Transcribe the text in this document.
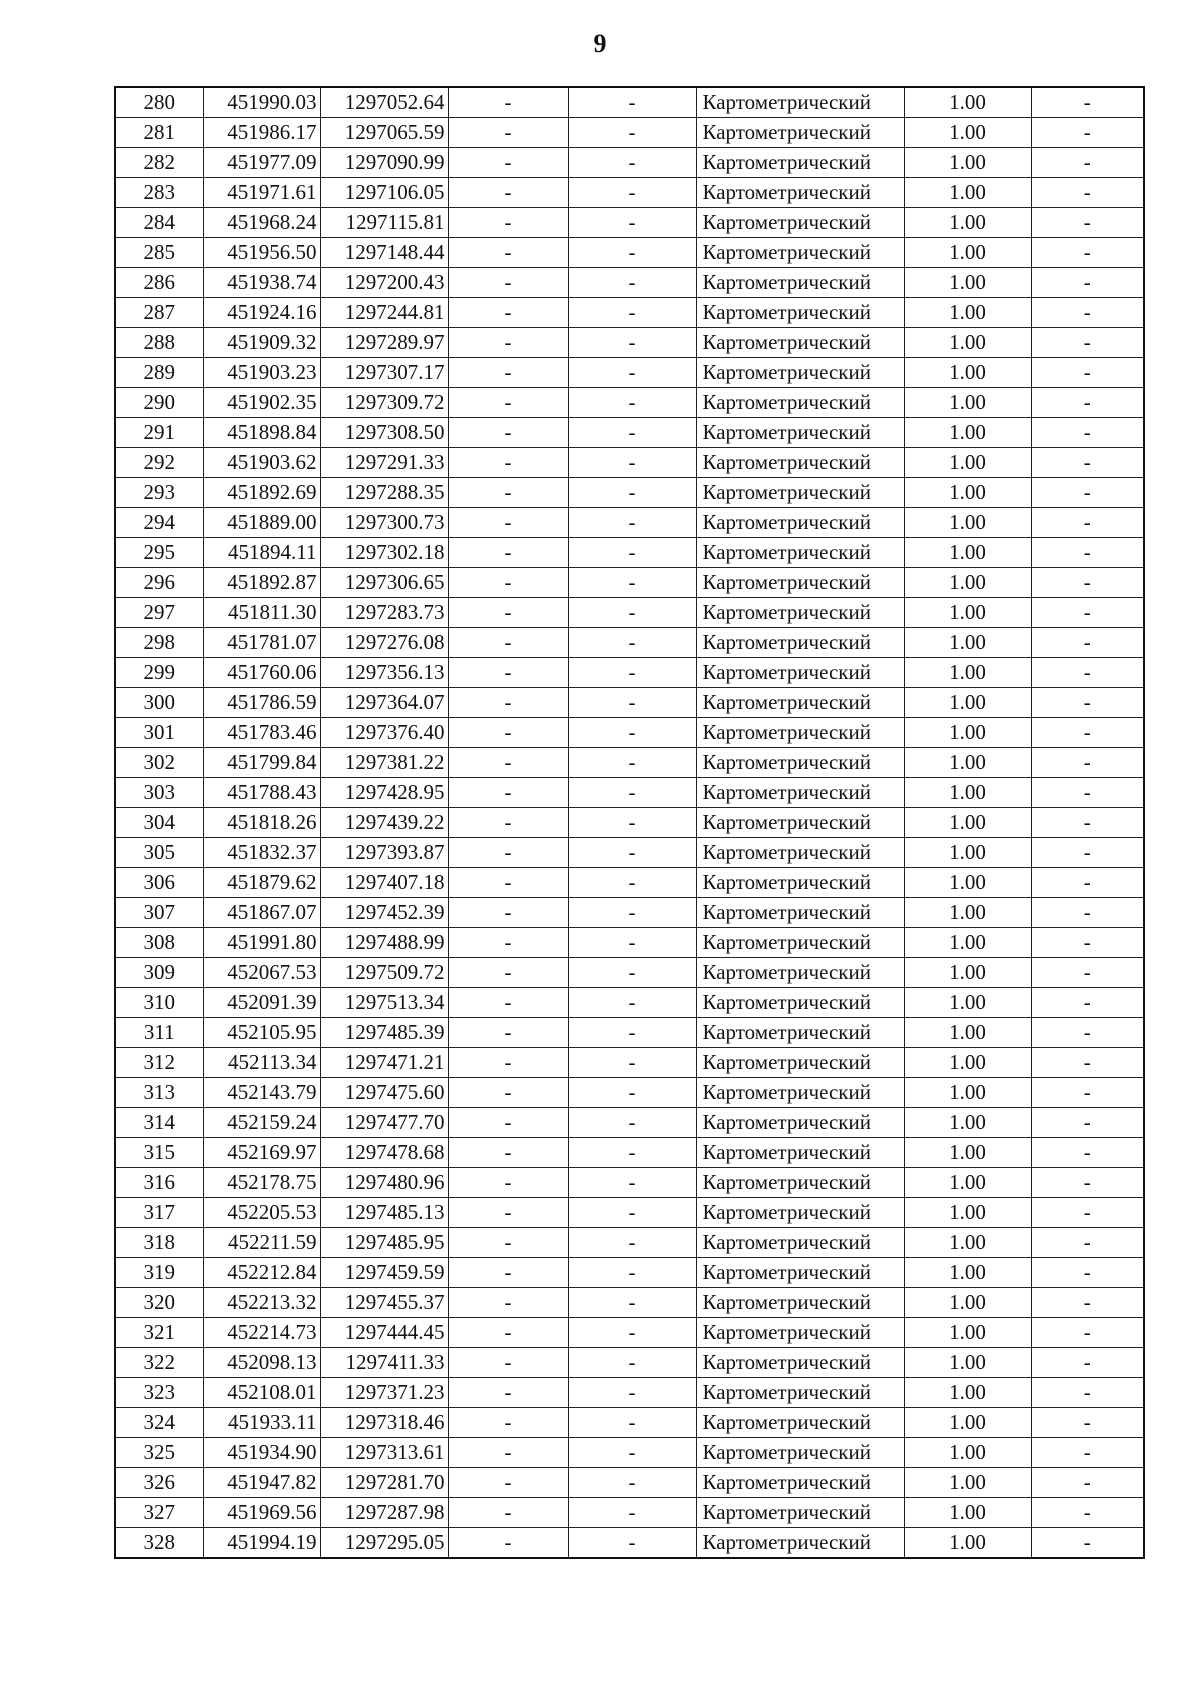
9
280	451990.03	1297052.64	-	-	Картометрический	1.00	-
281	451986.17	1297065.59	-	-	Картометрический	1.00	-
282	451977.09	1297090.99	-	-	Картометрический	1.00	-
283	451971.61	1297106.05	-	-	Картометрический	1.00	-
284	451968.24	1297115.81	-	-	Картометрический	1.00	-
285	451956.50	1297148.44	-	-	Картометрический	1.00	-
286	451938.74	1297200.43	-	-	Картометрический	1.00	-
287	451924.16	1297244.81	-	-	Картометрический	1.00	-
288	451909.32	1297289.97	-	-	Картометрический	1.00	-
289	451903.23	1297307.17	-	-	Картометрический	1.00	-
290	451902.35	1297309.72	-	-	Картометрический	1.00	-
291	451898.84	1297308.50	-	-	Картометрический	1.00	-
292	451903.62	1297291.33	-	-	Картометрический	1.00	-
293	451892.69	1297288.35	-	-	Картометрический	1.00	-
294	451889.00	1297300.73	-	-	Картометрический	1.00	-
295	451894.11	1297302.18	-	-	Картометрический	1.00	-
296	451892.87	1297306.65	-	-	Картометрический	1.00	-
297	451811.30	1297283.73	-	-	Картометрический	1.00	-
298	451781.07	1297276.08	-	-	Картометрический	1.00	-
299	451760.06	1297356.13	-	-	Картометрический	1.00	-
300	451786.59	1297364.07	-	-	Картометрический	1.00	-
301	451783.46	1297376.40	-	-	Картометрический	1.00	-
302	451799.84	1297381.22	-	-	Картометрический	1.00	-
303	451788.43	1297428.95	-	-	Картометрический	1.00	-
304	451818.26	1297439.22	-	-	Картометрический	1.00	-
305	451832.37	1297393.87	-	-	Картометрический	1.00	-
306	451879.62	1297407.18	-	-	Картометрический	1.00	-
307	451867.07	1297452.39	-	-	Картометрический	1.00	-
308	451991.80	1297488.99	-	-	Картометрический	1.00	-
309	452067.53	1297509.72	-	-	Картометрический	1.00	-
310	452091.39	1297513.34	-	-	Картометрический	1.00	-
311	452105.95	1297485.39	-	-	Картометрический	1.00	-
312	452113.34	1297471.21	-	-	Картометрический	1.00	-
313	452143.79	1297475.60	-	-	Картометрический	1.00	-
314	452159.24	1297477.70	-	-	Картометрический	1.00	-
315	452169.97	1297478.68	-	-	Картометрический	1.00	-
316	452178.75	1297480.96	-	-	Картометрический	1.00	-
317	452205.53	1297485.13	-	-	Картометрический	1.00	-
318	452211.59	1297485.95	-	-	Картометрический	1.00	-
319	452212.84	1297459.59	-	-	Картометрический	1.00	-
320	452213.32	1297455.37	-	-	Картометрический	1.00	-
321	452214.73	1297444.45	-	-	Картометрический	1.00	-
322	452098.13	1297411.33	-	-	Картометрический	1.00	-
323	452108.01	1297371.23	-	-	Картометрический	1.00	-
324	451933.11	1297318.46	-	-	Картометрический	1.00	-
325	451934.90	1297313.61	-	-	Картометрический	1.00	-
326	451947.82	1297281.70	-	-	Картометрический	1.00	-
327	451969.56	1297287.98	-	-	Картометрический	1.00	-
328	451994.19	1297295.05	-	-	Картометрический	1.00	-
